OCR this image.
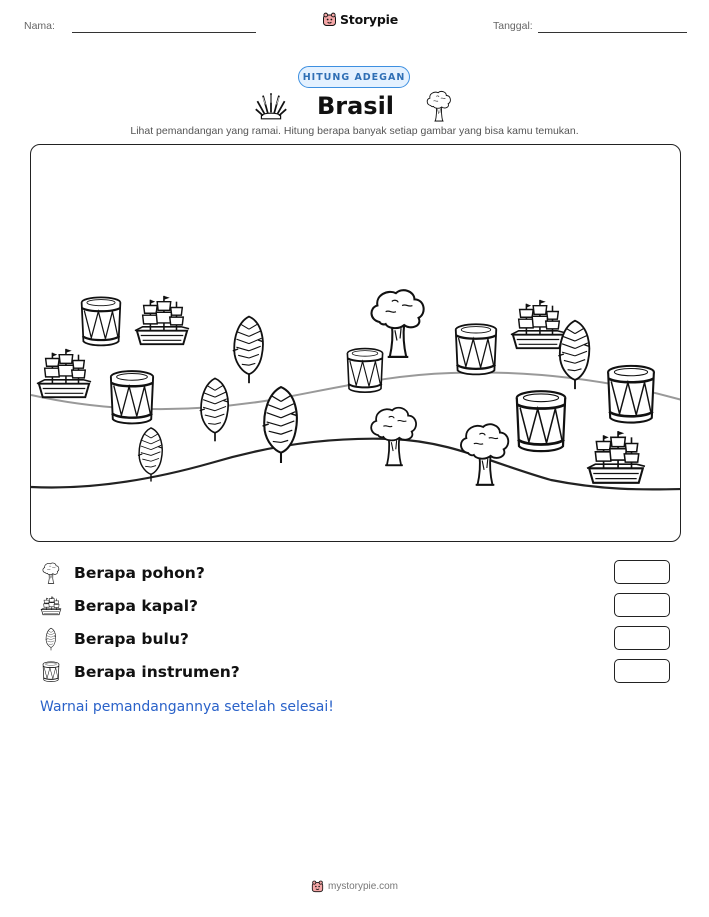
Nama:	Storypie	Tanggal:
HITUNG ADEGAN
Brasil
Lihat pemandangan yang ramai. Hitung berapa banyak setiap gambar yang bisa kamu temukan.
Berapa pohon?
Berapa kapal?
Berapa bulu?
Berapa instrumen?
Warnai pemandangannya setelah selesai!
mystorypie.com
